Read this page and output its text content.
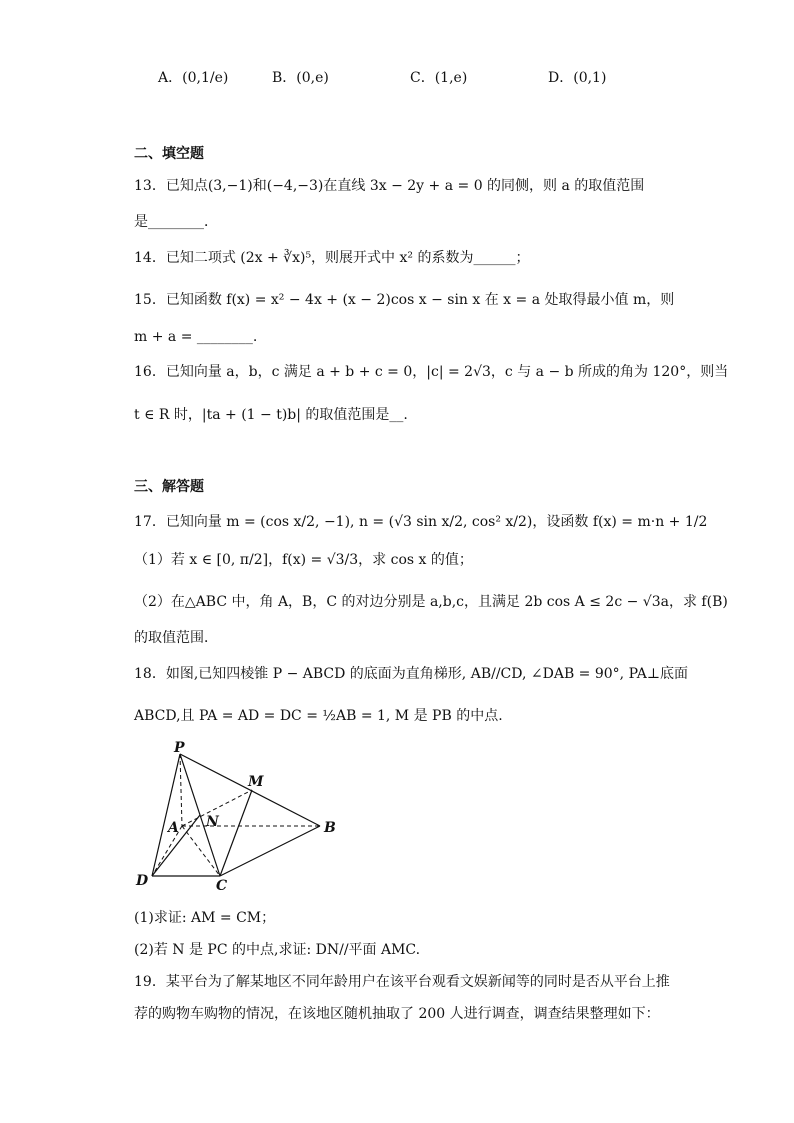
A．(0,1/e)	B．(0,e)	C．(1,e)	D．(0,1)
二、填空题
13．已知点(3,−1)和(−4,−3)在直线 3x − 2y + a = 0 的同侧，则 a 的取值范围
是________．
14．已知二项式 (2x + ∛x)⁵，则展开式中 x² 的系数为______；
15．已知函数 f(x) = x² − 4x + (x − 2)cos x − sin x 在 x = a 处取得最小值 m，则
m + a = ________.
16．已知向量 a，b，c 满足 a + b + c = 0，|c| = 2√3，c 与 a − b 所成的角为 120°，则当
t ∈ R 时，|ta + (1 − t)b| 的取值范围是__.
三、解答题
17．已知向量 m = (cos x/2, −1), n = (√3 sin x/2, cos² x/2)，设函数 f(x) = m·n + 1/2
（1）若 x ∈ [0, π/2]，f(x) = √3/3，求 cos x 的值；
（2）在△ABC 中，角 A，B，C 的对边分别是 a,b,c，且满足 2b cos A ≤ 2c − √3a，求 f(B)
的取值范围．
18．如图,已知四棱锥 P − ABCD 的底面为直角梯形, AB//CD, ∠DAB = 90°, PA⊥底面
ABCD,且 PA = AD = DC = ½AB = 1, M 是 PB 的中点.
P
M
A N	B
D	C
(1)求证: AM = CM；
(2)若 N 是 PC 的中点,求证: DN//平面 AMC.
19．某平台为了解某地区不同年龄用户在该平台观看文娱新闻等的同时是否从平台上推
荐的购物车购物的情况，在该地区随机抽取了 200 人进行调查，调查结果整理如下：
